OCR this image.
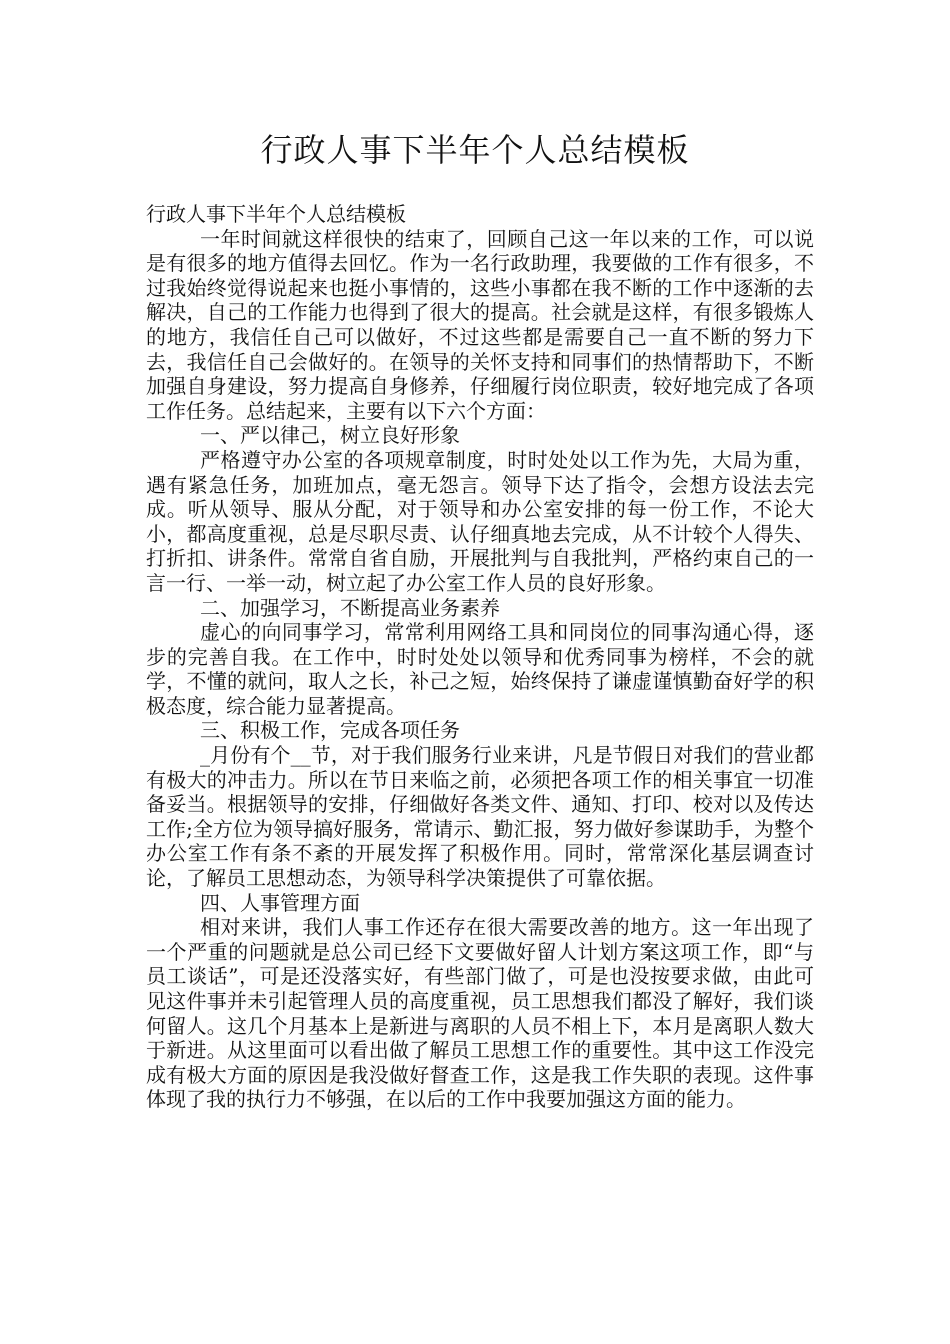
行政人事下半年个人总结模板

行政人事下半年个人总结模板

一年时间就这样很快的结束了，回顾自己这一年以来的工作，可以说是有很多的地方值得去回忆。作为一名行政助理，我要做的工作有很多，不过我始终觉得说起来也挺小事情的，这些小事都在我不断的工作中逐渐的去解决，自己的工作能力也得到了很大的提高。社会就是这样，有很多锻炼人的地方，我信任自己可以做好，不过这些都是需要自己一直不断的努力下去，我信任自己会做好的。在领导的关怀支持和同事们的热情帮助下，不断加强自身建设，努力提高自身修养，仔细履行岗位职责，较好地完成了各项工作任务。总结起来，主要有以下六个方面：

一、严以律己，树立良好形象

严格遵守办公室的各项规章制度，时时处处以工作为先，大局为重，遇有紧急任务，加班加点，毫无怨言。领导下达了指令，会想方设法去完成。听从领导、服从分配，对于领导和办公室安排的每一份工作，不论大小，都高度重视，总是尽职尽责、认仔细真地去完成，从不计较个人得失、打折扣、讲条件。常常自省自励，开展批判与自我批判，严格约束自己的一言一行、一举一动，树立起了办公室工作人员的良好形象。

二、加强学习，不断提高业务素养

虚心的向同事学习，常常利用网络工具和同岗位的同事沟通心得，逐步的完善自我。在工作中，时时处处以领导和优秀同事为榜样，不会的就学，不懂的就问，取人之长，补己之短，始终保持了谦虚谨慎勤奋好学的积极态度，综合能力显著提高。

三、积极工作，完成各项任务

_月份有个__节，对于我们服务行业来讲，凡是节假日对我们的营业都有极大的冲击力。所以在节日来临之前，必须把各项工作的相关事宜一切准备妥当。根据领导的安排，仔细做好各类文件、通知、打印、校对以及传达工作;全方位为领导搞好服务，常请示、勤汇报，努力做好参谋助手，为整个办公室工作有条不紊的开展发挥了积极作用。同时，常常深化基层调查讨论，了解员工思想动态，为领导科学决策提供了可靠依据。

四、人事管理方面

相对来讲，我们人事工作还存在很大需要改善的地方。这一年出现了一个严重的问题就是总公司已经下文要做好留人计划方案这项工作，即“与员工谈话”，可是还没落实好，有些部门做了，可是也没按要求做，由此可见这件事并未引起管理人员的高度重视，员工思想我们都没了解好，我们谈何留人。这几个月基本上是新进与离职的人员不相上下，本月是离职人数大于新进。从这里面可以看出做了解员工思想工作的重要性。其中这工作没完成有极大方面的原因是我没做好督查工作，这是我工作失职的表现。这件事体现了我的执行力不够强，在以后的工作中我要加强这方面的能力。
